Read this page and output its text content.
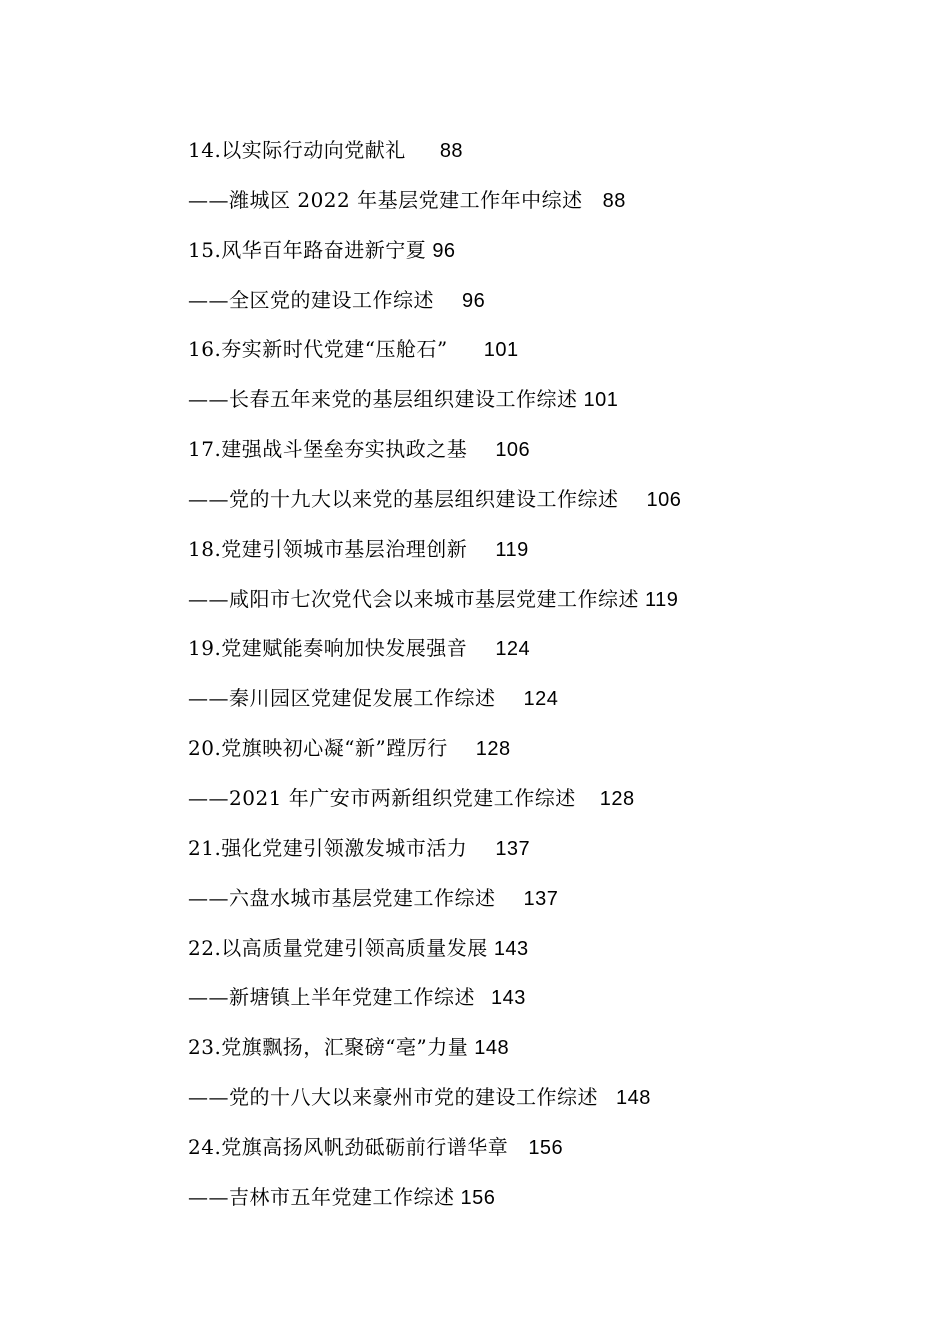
14.以实际行动向党献礼 88
——潍城区 2022 年基层党建工作年中综述 88
15.风华百年路奋进新宁夏 96
——全区党的建设工作综述 96
16.夯实新时代党建“压舱石” 101
——长春五年来党的基层组织建设工作综述 101
17.建强战斗堡垒夯实执政之基 106
——党的十九大以来党的基层组织建设工作综述 106
18.党建引领城市基层治理创新 119
——咸阳市七次党代会以来城市基层党建工作综述 119
19.党建赋能奏响加快发展强音 124
——秦川园区党建促发展工作综述 124
20.党旗映初心凝“新”蹚厉行 128
——2021 年广安市两新组织党建工作综述 128
21.强化党建引领激发城市活力 137
——六盘水城市基层党建工作综述 137
22.以高质量党建引领高质量发展 143
——新塘镇上半年党建工作综述 143
23.党旗飘扬，汇聚磅“亳”力量 148
——党的十八大以来豪州市党的建设工作综述 148
24.党旗高扬风帆劲砥砺前行谱华章 156
——吉林市五年党建工作综述 156
